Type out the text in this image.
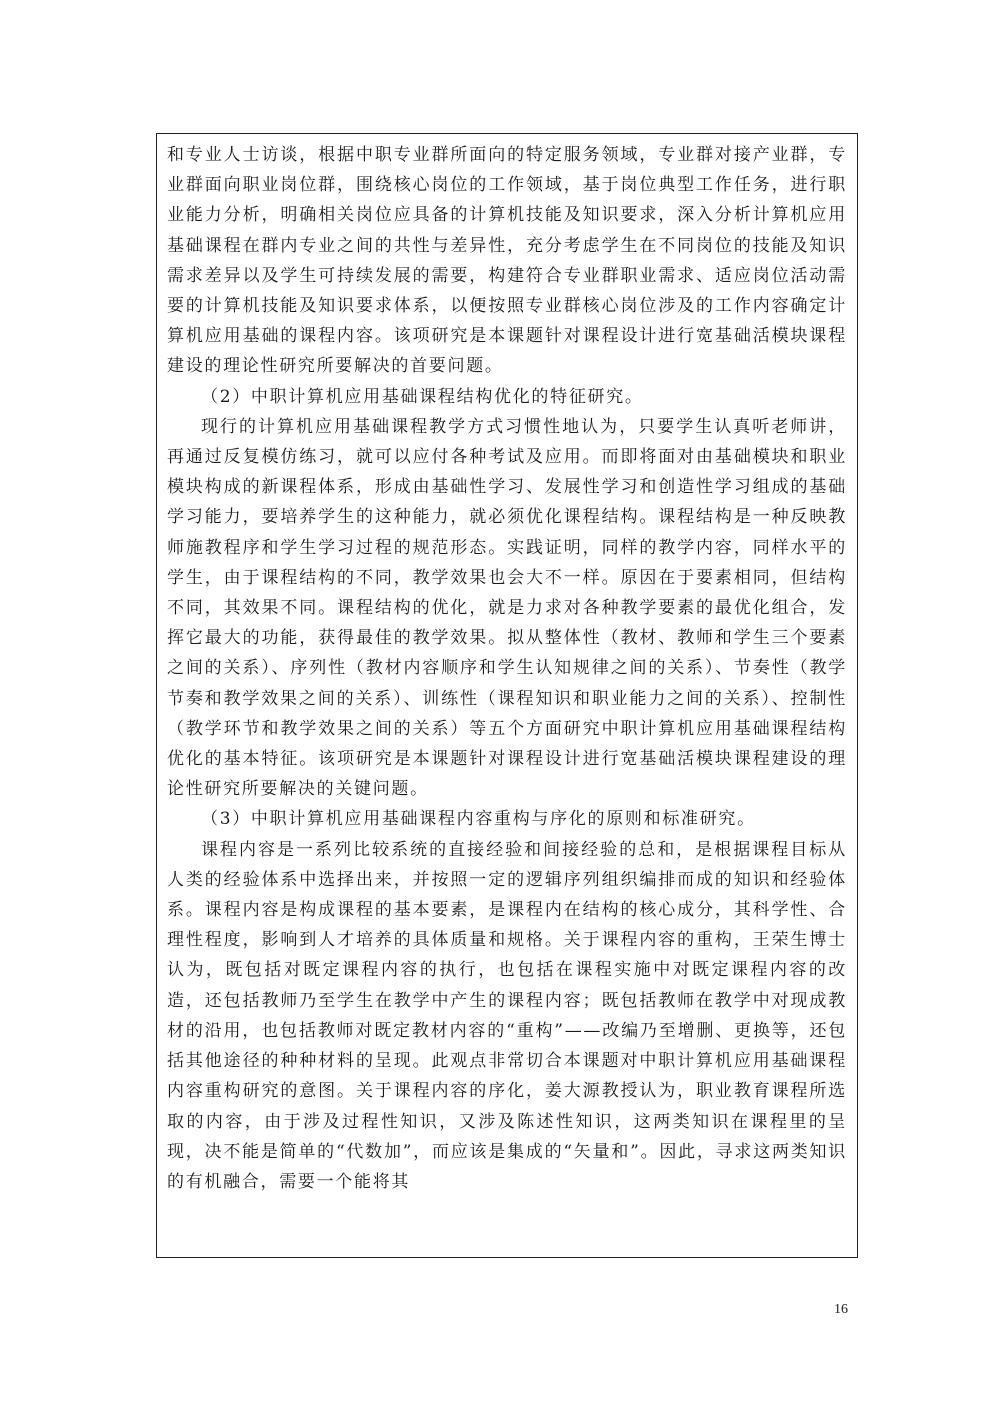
和专业人士访谈，根据中职专业群所面向的特定服务领域，专业群对接产业群，专业群面向职业岗位群，围绕核心岗位的工作领域，基于岗位典型工作任务，进行职业能力分析，明确相关岗位应具备的计算机技能及知识要求，深入分析计算机应用基础课程在群内专业之间的共性与差异性，充分考虑学生在不同岗位的技能及知识需求差异以及学生可持续发展的需要，构建符合专业群职业需求、适应岗位活动需要的计算机技能及知识要求体系，以便按照专业群核心岗位涉及的工作内容确定计算机应用基础的课程内容。该项研究是本课题针对课程设计进行宽基础活模块课程建设的理论性研究所要解决的首要问题。

（2）中职计算机应用基础课程结构优化的特征研究。

现行的计算机应用基础课程教学方式习惯性地认为，只要学生认真听老师讲，再通过反复模仿练习，就可以应付各种考试及应用。而即将面对由基础模块和职业模块构成的新课程体系，形成由基础性学习、发展性学习和创造性学习组成的基础学习能力，要培养学生的这种能力，就必须优化课程结构。课程结构是一种反映教师施教程序和学生学习过程的规范形态。实践证明，同样的教学内容，同样水平的学生，由于课程结构的不同，教学效果也会大不一样。原因在于要素相同，但结构不同，其效果不同。课程结构的优化，就是力求对各种教学要素的最优化组合，发挥它最大的功能，获得最佳的教学效果。拟从整体性（教材、教师和学生三个要素之间的关系）、序列性（教材内容顺序和学生认知规律之间的关系）、节奏性（教学节奏和教学效果之间的关系）、训练性（课程知识和职业能力之间的关系）、控制性（教学环节和教学效果之间的关系）等五个方面研究中职计算机应用基础课程结构优化的基本特征。该项研究是本课题针对课程设计进行宽基础活模块课程建设的理论性研究所要解决的关键问题。

（3）中职计算机应用基础课程内容重构与序化的原则和标准研究。

课程内容是一系列比较系统的直接经验和间接经验的总和，是根据课程目标从人类的经验体系中选择出来，并按照一定的逻辑序列组织编排而成的知识和经验体系。课程内容是构成课程的基本要素，是课程内在结构的核心成分，其科学性、合理性程度，影响到人才培养的具体质量和规格。关于课程内容的重构，王荣生博士认为，既包括对既定课程内容的执行，也包括在课程实施中对既定课程内容的改造，还包括教师乃至学生在教学中产生的课程内容；既包括教师在教学中对现成教材的沿用，也包括教师对既定教材内容的“重构”——改编乃至增删、更换等，还包括其他途径的种种材料的呈现。此观点非常切合本课题对中职计算机应用基础课程内容重构研究的意图。关于课程内容的序化，姜大源教授认为，职业教育课程所选取的内容，由于涉及过程性知识，又涉及陈述性知识，这两类知识在课程里的呈现，决不能是简单的“代数加”，而应该是集成的“矢量和”。因此，寻求这两类知识的有机融合，需要一个能将其

16
